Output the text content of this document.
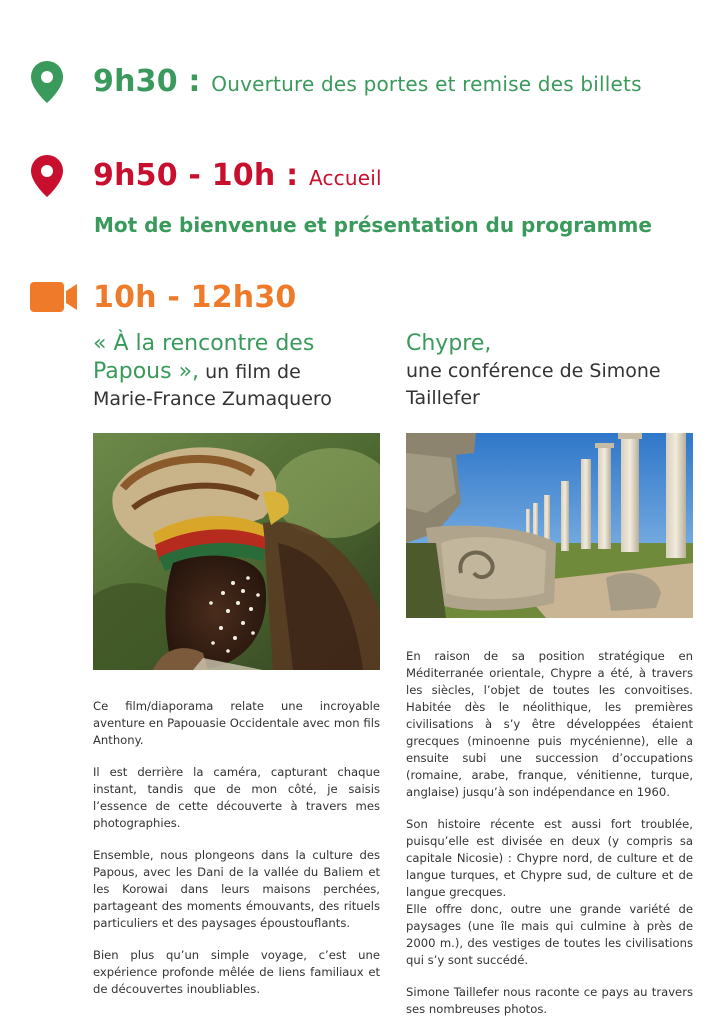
9h30 : Ouverture des portes et remise des billets
9h50 - 10h : Accueil
Mot de bienvenue et présentation du programme
10h - 12h30
« À la rencontre des
Papous », un film de
Marie-France Zumaquero
Chypre,
une conférence de Simone
Taillefer

Ce film/diaporama relate une incroyable aventure en Papouasie Occidentale avec mon fils Anthony.

Il est derrière la caméra, capturant chaque instant, tandis que de mon côté, je saisis l’essence de cette découverte à travers mes photographies.

Ensemble, nous plongeons dans la culture des Papous, avec les Dani de la vallée du Baliem et les Korowai dans leurs maisons perchées, partageant des moments émouvants, des rituels particuliers et des paysages époustouflants.

Bien plus qu’un simple voyage, c’est une expérience profonde mêlée de liens familiaux et de découvertes inoubliables.

En raison de sa position stratégique en Méditerranée orientale, Chypre a été, à travers les siècles, l’objet de toutes les convoitises. Habitée dès le néolithique, les premières civilisations à s’y être développées étaient grecques (minoenne puis mycénienne), elle a ensuite subi une succession d’occupations (romaine, arabe, franque, vénitienne, turque, anglaise) jusqu’à son indépendance en 1960.

Son histoire récente est aussi fort troublée, puisqu’elle est divisée en deux (y compris sa capitale Nicosie) : Chypre nord, de culture et de langue turques, et Chypre sud, de culture et de langue grecques.

Elle offre donc, outre une grande variété de paysages (une île mais qui culmine à près de 2000 m.), des vestiges de toutes les civilisations qui s’y sont succédé.

Simone Taillefer nous raconte ce pays au travers ses nombreuses photos.
